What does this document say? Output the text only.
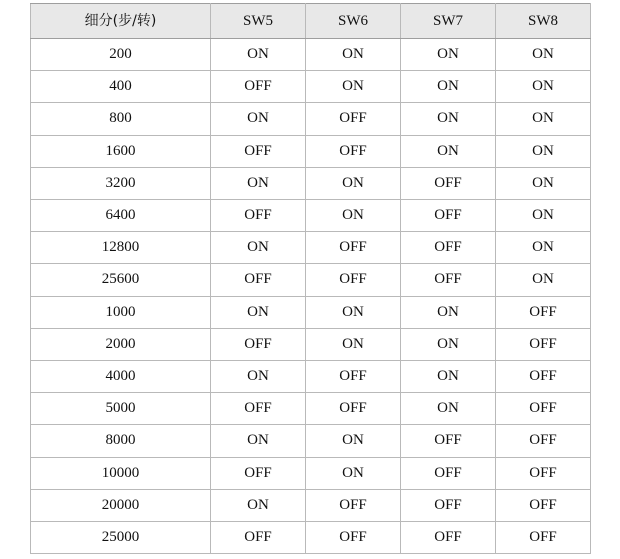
细分(步/转)	SW5	SW6	SW7	SW8
200	ON	ON	ON	ON
400	OFF	ON	ON	ON
800	ON	OFF	ON	ON
1600	OFF	OFF	ON	ON
3200	ON	ON	OFF	ON
6400	OFF	ON	OFF	ON
12800	ON	OFF	OFF	ON
25600	OFF	OFF	OFF	ON
1000	ON	ON	ON	OFF
2000	OFF	ON	ON	OFF
4000	ON	OFF	ON	OFF
5000	OFF	OFF	ON	OFF
8000	ON	ON	OFF	OFF
10000	OFF	ON	OFF	OFF
20000	ON	OFF	OFF	OFF
25000	OFF	OFF	OFF	OFF
